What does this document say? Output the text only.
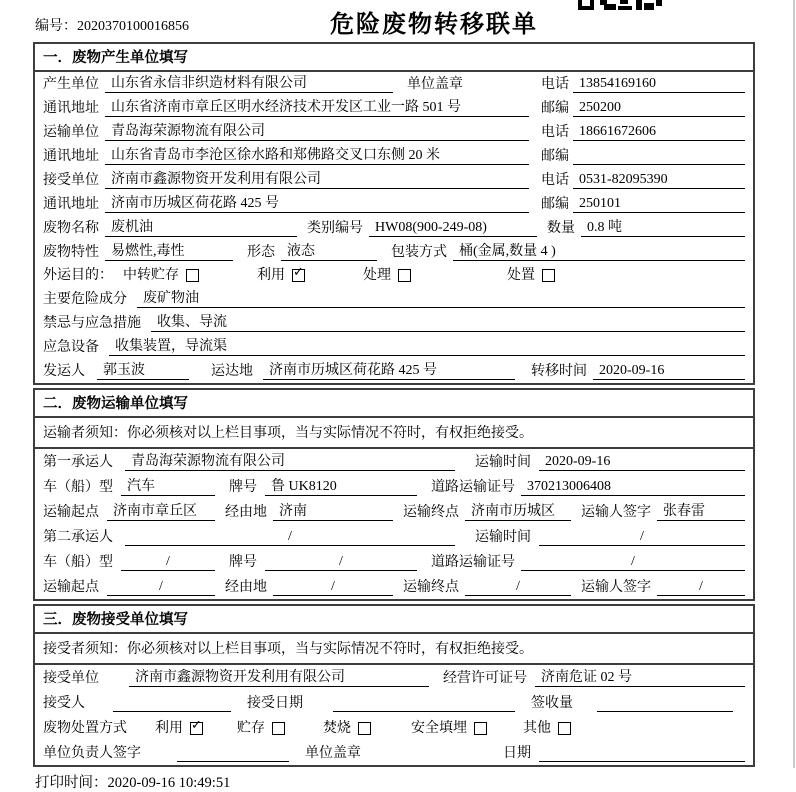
编号：2020370100016856	危险废物转移联单
一．废物产生单位填写
产生单位 山东省永信非织造材料有限公司	单位盖章	电话 13854169160
通讯地址 山东省济南市章丘区明水经济技术开发区工业一路 501 号	邮编 250200
运输单位 青岛海荣源物流有限公司	电话 18661672606
通讯地址 山东省青岛市李沧区徐水路和郑佛路交叉口东侧 20 米	邮编
接受单位 济南市鑫源物资开发利用有限公司	电话 0531-82095390
通讯地址 济南市历城区荷花路 425 号	邮编 250101
废物名称 废机油	类别编号 HW08(900-249-08)	数量 0.8 吨
废物特性 易燃性,毒性	形态 液态	包装方式 桶(金属,数量 4 )
外运目的： 中转贮存	利用 ✓	处理	处置
主要危险成分	废矿物油
禁忌与应急措施	收集、导流
应急设备	收集装置，导流渠
发运人	郭玉波	运达地	济南市历城区荷花路 425 号	转移时间 2020-09-16
二．废物运输单位填写
运输者须知：你必须核对以上栏目事项，当与实际情况不符时，有权拒绝接受。
第一承运人	青岛海荣源物流有限公司	运输时间	2020-09-16
车（船）型	汽车	牌号	鲁 UK8120	道路运输证号 370213006408
运输起点	济南市章丘区	经由地 济南	运输终点 济南市历城区	运输人签字 张春雷
第二承运人	/	运输时间	/
车（船）型	/	牌号	/	道路运输证号	/
运输起点	/	经由地	/	运输终点	/	运输人签字	/
三．废物接受单位填写
接受者须知：你必须核对以上栏目事项，当与实际情况不符时，有权拒绝接受。
接受单位	济南市鑫源物资开发利用有限公司	经营许可证号	济南危证 02 号
接受人	接受日期	签收量
废物处置方式 利用 ✓	贮存	焚烧	安全填埋	其他
单位负责人签字	单位盖章	日期
打印时间：2020-09-16 10:49:51
